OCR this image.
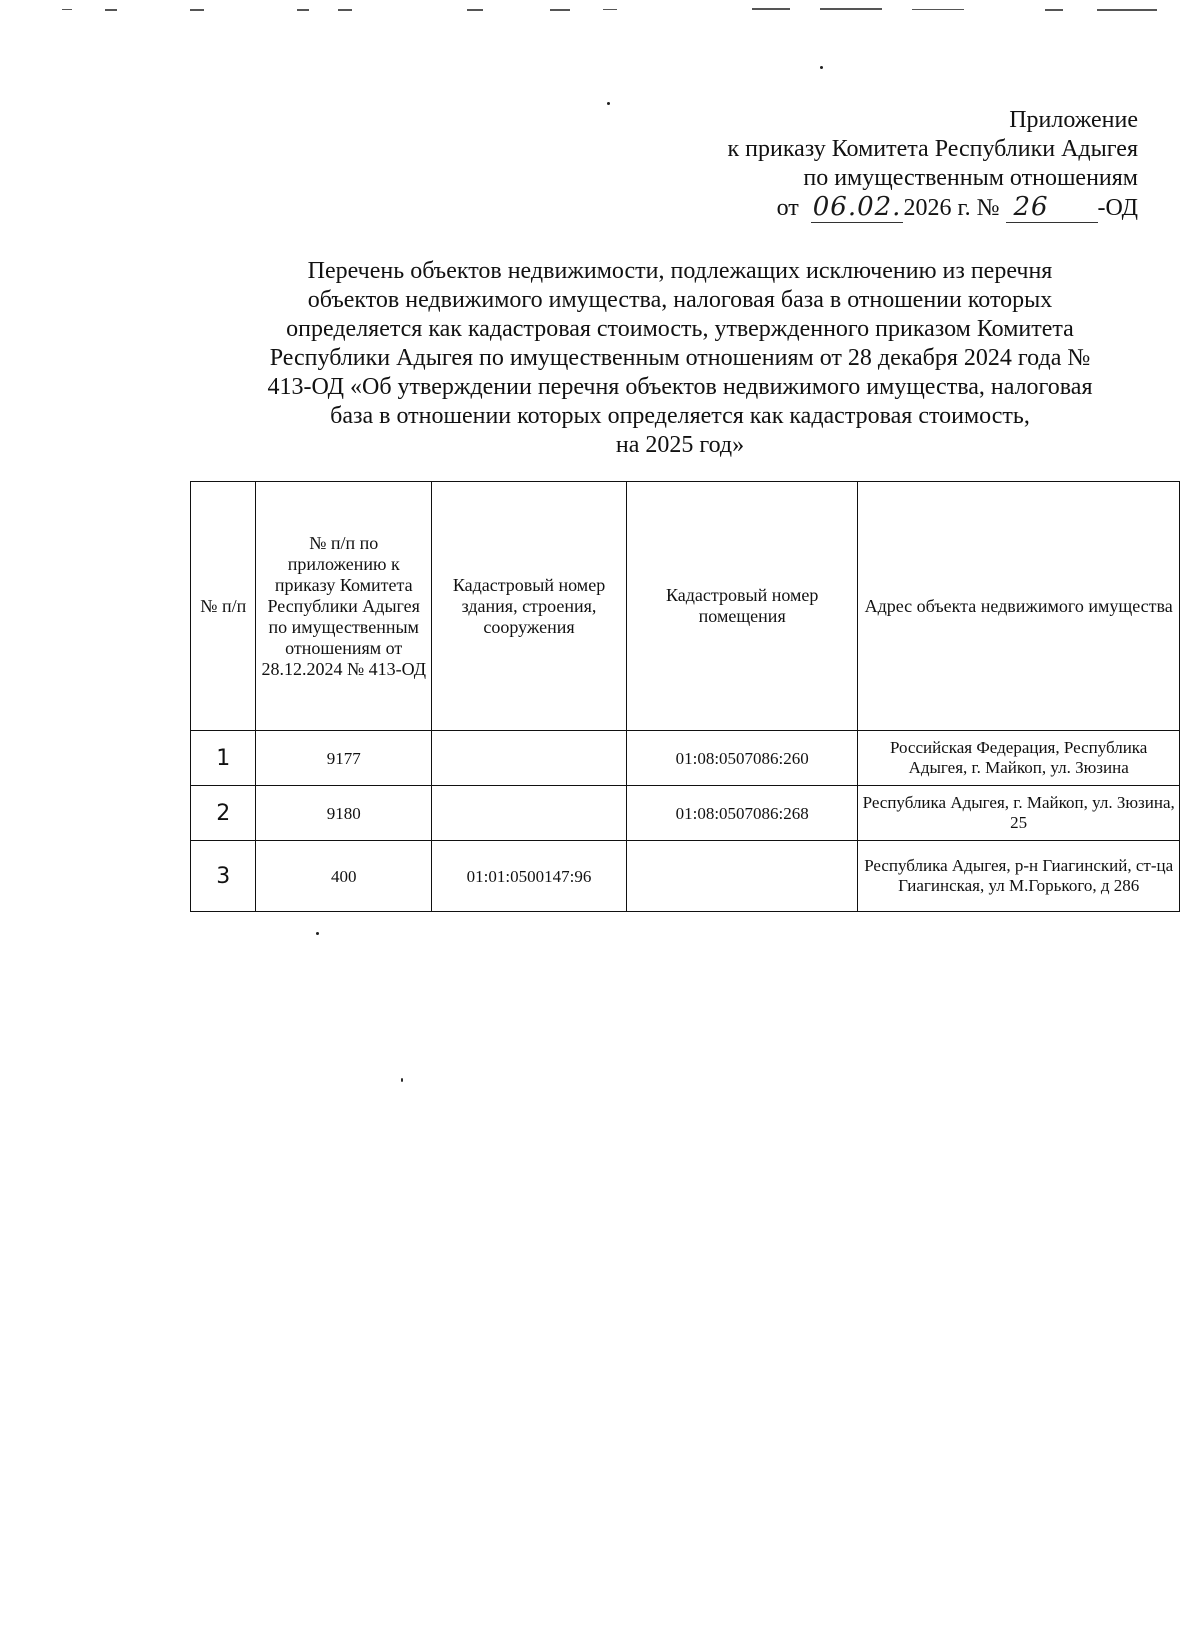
Приложение
к приказу Комитета Республики Адыгея
по имущественным отношениям
от 06.02.2026 г. № 26 -ОД
Перечень объектов недвижимости, подлежащих исключению из перечня
объектов недвижимого имущества, налоговая база в отношении которых
определяется как кадастровая стоимость, утвержденного приказом Комитета
Республики Адыгея по имущественным отношениям от 28 декабря 2024 года №
413-ОД «Об утверждении перечня объектов недвижимого имущества, налоговая
база в отношении которых определяется как кадастровая стоимость,
на 2025 год»
№ п/п	№ п/п по приложению к приказу Комитета Республики Адыгея по имущественным отношениям от 28.12.2024 № 413-ОД	Кадастровый номер здания, строения, сооружения	Кадастровый номер помещения	Адрес объекта недвижимого имущества
1	9177		01:08:0507086:260	Российская Федерация, Республика Адыгея, г. Майкоп, ул. Зюзина
2	9180		01:08:0507086:268	Республика Адыгея, г. Майкоп, ул. Зюзина, 25
3	400	01:01:0500147:96		Республика Адыгея, р-н Гиагинский, ст-ца Гиагинская, ул М.Горького, д 286
